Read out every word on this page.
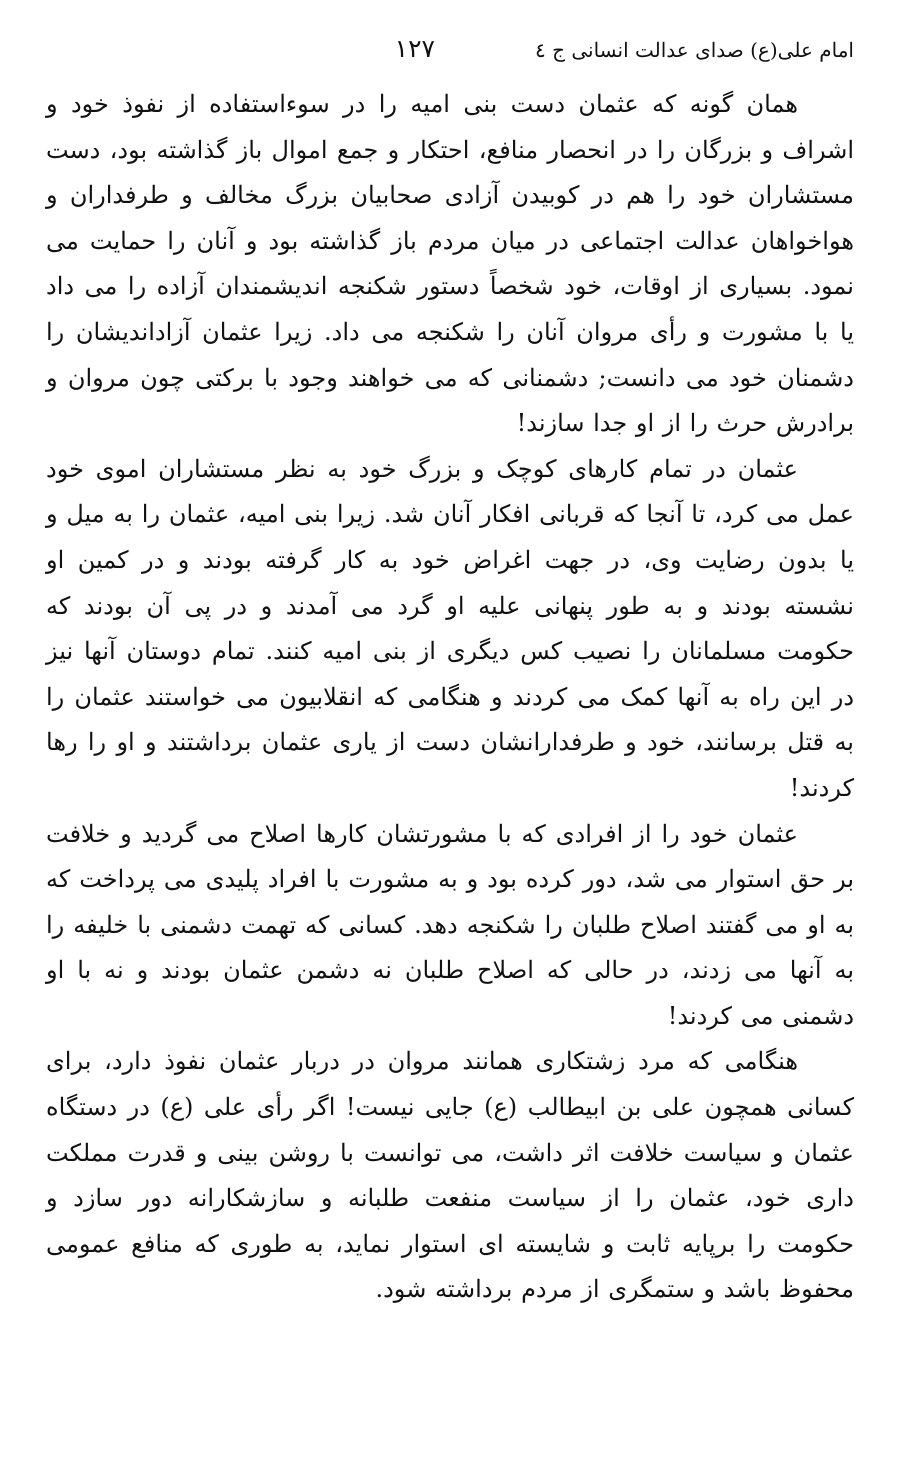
امام علی(ع) صدای عدالت انسانی ج ٤
١٢٧

همان گونه که عثمان دست بنی امیه را در سوءاستفاده از نفوذ خود و اشراف و بزرگان را در انحصار منافع، احتکار و جمع اموال باز گذاشته بود، دست مستشاران خود را هم در کوبیدن آزادی صحابیان بزرگ مخالف و طرفداران و هواخواهان عدالت اجتماعی در میان مردم باز گذاشته بود و آنان را حمایت می نمود. بسیاری از اوقات، خود شخصاً دستور شکنجه اندیشمندان آزاده را می داد یا با مشورت و رأی مروان آنان را شکنجه می داد. زیرا عثمان آزاداندیشان را دشمنان خود می دانست; دشمنانی که می خواهند وجود با برکتی چون مروان و برادرش حرث را از او جدا سازند!

عثمان در تمام کارهای کوچک و بزرگ خود به نظر مستشاران اموی خود عمل می کرد، تا آنجا که قربانی افکار آنان شد. زیرا بنی امیه، عثمان را به میل و یا بدون رضایت وی، در جهت اغراض خود به کار گرفته بودند و در کمین او نشسته بودند و به طور پنهانی علیه او گرد می آمدند و در پی آن بودند که حکومت مسلمانان را نصیب کس دیگری از بنی امیه کنند. تمام دوستان آنها نیز در این راه به آنها کمک می کردند و هنگامی که انقلابیون می خواستند عثمان را به قتل برسانند، خود و طرفدارانشان دست از یاری عثمان برداشتند و او را رها کردند!

عثمان خود را از افرادی که با مشورتشان کارها اصلاح می گردید و خلافت بر حق استوار می شد، دور کرده بود و به مشورت با افراد پلیدی می پرداخت که به او می گفتند اصلاح طلبان را شکنجه دهد. کسانی که تهمت دشمنی با خلیفه را به آنها می زدند، در حالی که اصلاح طلبان نه دشمن عثمان بودند و نه با او دشمنی می کردند!

هنگامی که مرد زشتکاری همانند مروان در دربار عثمان نفوذ دارد، برای کسانی همچون علی بن ابیطالب (ع) جایی نیست! اگر رأی علی (ع) در دستگاه عثمان و سیاست خلافت اثر داشت، می توانست با روشن بینی و قدرت مملکت داری خود، عثمان را از سیاست منفعت طلبانه و سازشکارانه دور سازد و حکومت را برپایه ثابت و شایسته ای استوار نماید، به طوری که منافع عمومی محفوظ باشد و ستمگری از مردم برداشته شود.
